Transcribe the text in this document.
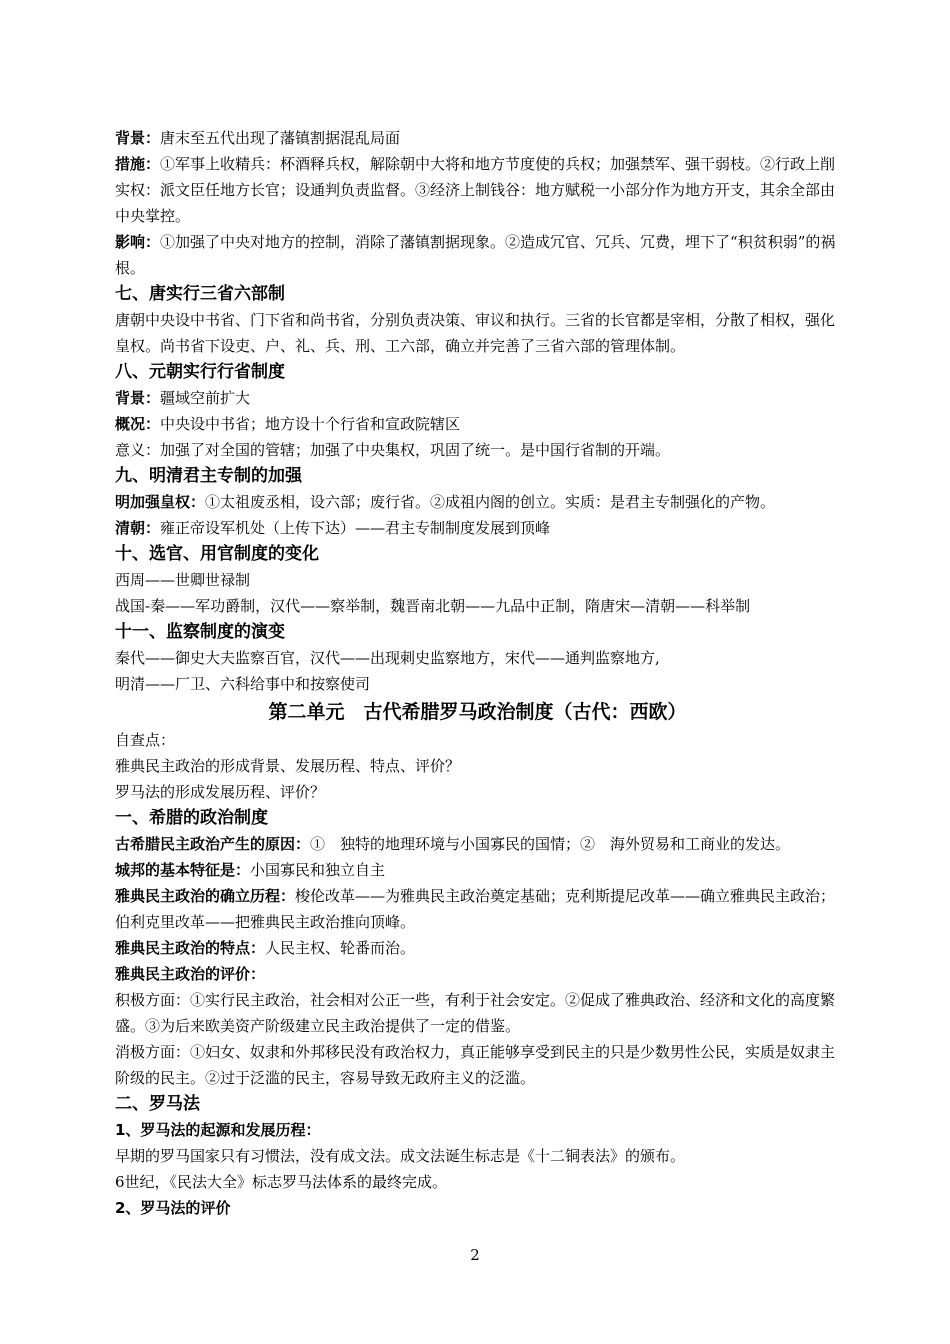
背景：唐末至五代出现了藩镇割据混乱局面

措施：①军事上收精兵：杯酒释兵权，解除朝中大将和地方节度使的兵权；加强禁军、强干弱枝。②行政上削实权：派文臣任地方长官；设通判负责监督。③经济上制钱谷：地方赋税一小部分作为地方开支，其余全部由中央掌控。

影响：①加强了中央对地方的控制，消除了藩镇割据现象。②造成冗官、冗兵、冗费，埋下了“积贫积弱”的祸根。

七、唐实行三省六部制

唐朝中央设中书省、门下省和尚书省，分别负责决策、审议和执行。三省的长官都是宰相，分散了相权，强化皇权。尚书省下设吏、户、礼、兵、刑、工六部，确立并完善了三省六部的管理体制。

八、元朝实行行省制度

背景：疆域空前扩大

概况：中央设中书省；地方设十个行省和宣政院辖区

意义：加强了对全国的管辖；加强了中央集权，巩固了统一。是中国行省制的开端。

九、明清君主专制的加强

明加强皇权：①太祖废丞相，设六部；废行省。②成祖内阁的创立。实质：是君主专制强化的产物。

清朝：雍正帝设军机处（上传下达）——君主专制制度发展到顶峰

十、选官、用官制度的变化

西周——世卿世禄制

战国-秦——军功爵制，汉代——察举制，魏晋南北朝——九品中正制，隋唐宋—清朝——科举制

十一、监察制度的演变

秦代——御史大夫监察百官，汉代——出现刺史监察地方，宋代——通判监察地方,

明清——厂卫、六科给事中和按察使司

第二单元　古代希腊罗马政治制度（古代：西欧）

自查点：

雅典民主政治的形成背景、发展历程、特点、评价？

罗马法的形成发展历程、评价？

一、希腊的政治制度

古希腊民主政治产生的原因：①　独特的地理环境与小国寡民的国情；②　海外贸易和工商业的发达。

城邦的基本特征是：小国寡民和独立自主

雅典民主政治的确立历程：梭伦改革——为雅典民主政治奠定基础；克利斯提尼改革——确立雅典民主政治；伯利克里改革——把雅典民主政治推向顶峰。

雅典民主政治的特点：人民主权、轮番而治。

雅典民主政治的评价：

积极方面：①实行民主政治，社会相对公正一些，有利于社会安定。②促成了雅典政治、经济和文化的高度繁盛。③为后来欧美资产阶级建立民主政治提供了一定的借鉴。

消极方面：①妇女、奴隶和外邦移民没有政治权力，真正能够享受到民主的只是少数男性公民，实质是奴隶主阶级的民主。②过于泛滥的民主，容易导致无政府主义的泛滥。

二、罗马法

1、罗马法的起源和发展历程：

早期的罗马国家只有习惯法，没有成文法。成文法诞生标志是《十二铜表法》的颁布。

6世纪，《民法大全》标志罗马法体系的最终完成。

2、罗马法的评价

2
